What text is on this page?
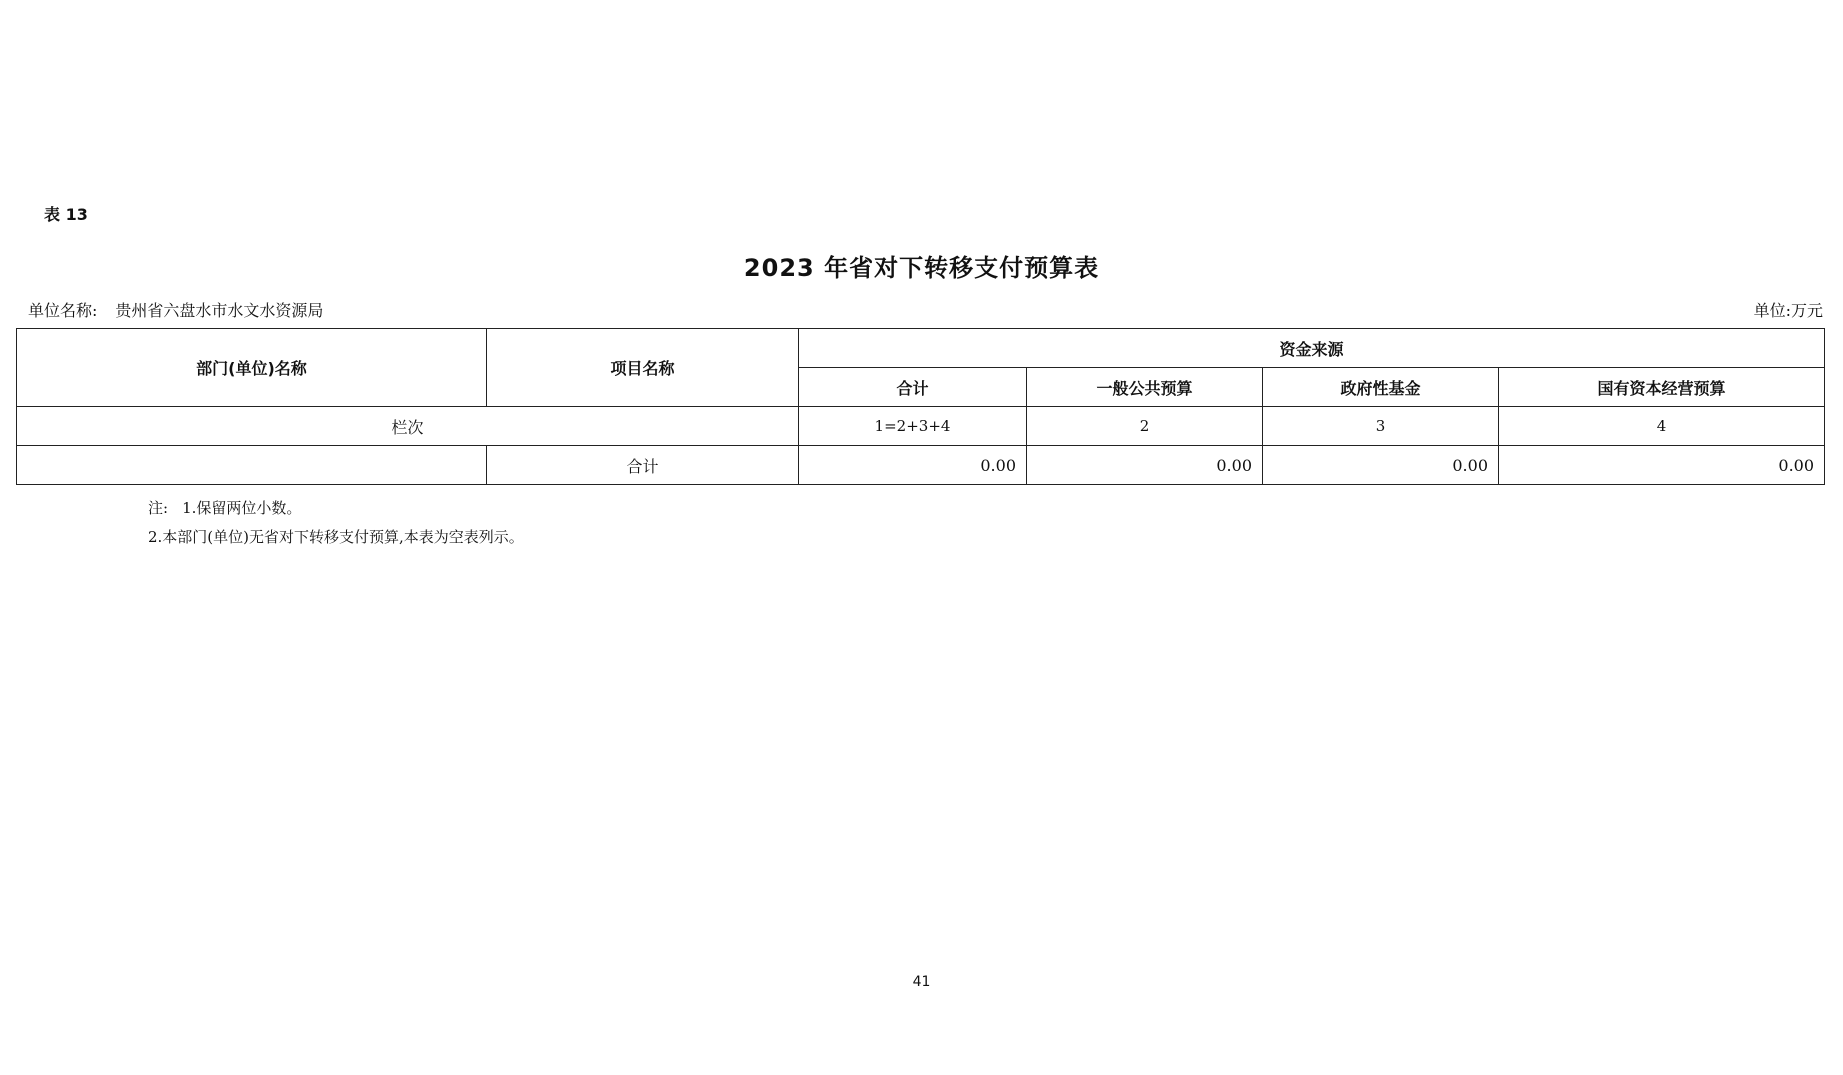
表 13
2023 年省对下转移支付预算表
单位名称: 贵州省六盘水市水文水资源局	单位:万元
部门(单位)名称	项目名称	资金来源			
		合计	一般公共预算	政府性基金	国有资本经营预算
栏次		1=2+3+4	2	3	4
	合计	0.00	0.00	0.00	0.00
注: 1.保留两位小数。
2.本部门(单位)无省对下转移支付预算,本表为空表列示。
41
